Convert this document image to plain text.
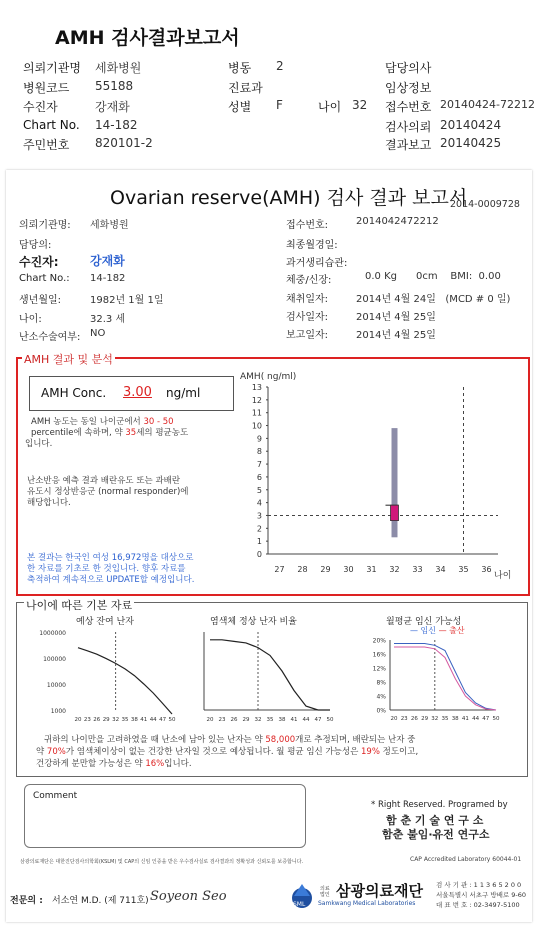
AMH 검사결과보고서
의뢰기관명 세화병원
병원코드 55188
수진자	강재화
Chart No. 14-182
주민번호 820101-2
병동 2
진료과
성별 F	나이 32
담당의사
임상정보
접수번호 20140424-72212
검사의뢰 20140424
결과보고 20140425
Ovarian reserve(AMH) 검사 결과 보고서
2014-0009728
의뢰기관명: 세화병원
담당의:
수진자:	강재화
Chart No.: 14-182
생년월일:	1982년 1월 1일
나이:	32.3 세
난소수술여부: NO
접수번호:	2014042472212
최종월경일:
과거생리습관:
체중/신장:	0.0 Kg      0cm    BMI:  0.00
채취일자:	2014년 4월 24일   (MCD # 0 일)
검사일자:	2014년 4월 25일
보고일자:	2014년 4월 25일
AMH 결과 및 분석
AMH Conc. 3.00 ng/ml
AMH 농도는 동일 나이군에서 30 - 50
percentile에 속하며, 약 35세의 평균농도
입니다.
난소반응 예측 결과 배란유도 또는 과배란
유도시 정상반응군 (normal responder)에
해당합니다.
본 결과는 한국인 여성 16,972명을 대상으로
한 자료를 기초로 한 것입니다. 향후 자료를
축적하여 계속적으로 UPDATE할 예정입니다.
AMH( ng/ml)
0
1
2
3
4
5
6
7
8
9
10
11
12
13
27 28 29 30 31 32 33 34 35 36
나이
나이에 따른 기본 자료
예상 잔여 난자
1000000
100000
10000
1000
20 23 26 29 32 35 38 41 44 47 50
염색체 정상 난자 비율
20 23 26 29 32 35 38 41 44 47 50
월평균 임신 가능성
— 임신 — 출산
20%
16%
12%
8%
4%
0%
20 23 26 29 32 35 38 41 44 47 50
귀하의 나이만을 고려하였을 때 난소에 남아 있는 난자는 약 58,000개로 추정되며, 배란되는 난자 중
약 70%가 염색체이상이 없는 건강한 난자일 것으로 예상됩니다. 월 평균 임신 가능성은 19% 정도이고,
건강하게 분만할 가능성은 약 16%입니다.
Comment
* Right Reserved. Programed by
함 춘 기 술 연 구 소
함춘 불임·유전 연구소
삼광의료재단은 대한진단검사의학회(KSLM) 및 CAP의 신임 인증을 받은 우수검사실로 검사결과의 정확성과 신뢰도를 보증합니다.	CAP Accredited Laboratory 60044-01
전문의 : 서소연 M.D. (제 711호) Soyeon Seo
SML
의료 법인 삼광의료재단
Samkwang Medical Laboratories
검 사 기 관 : 1 1 3 6 5 2 0 0
서울특별시 서초구 방배로 9-60
대 표 번 호 : 02-3497-5100
